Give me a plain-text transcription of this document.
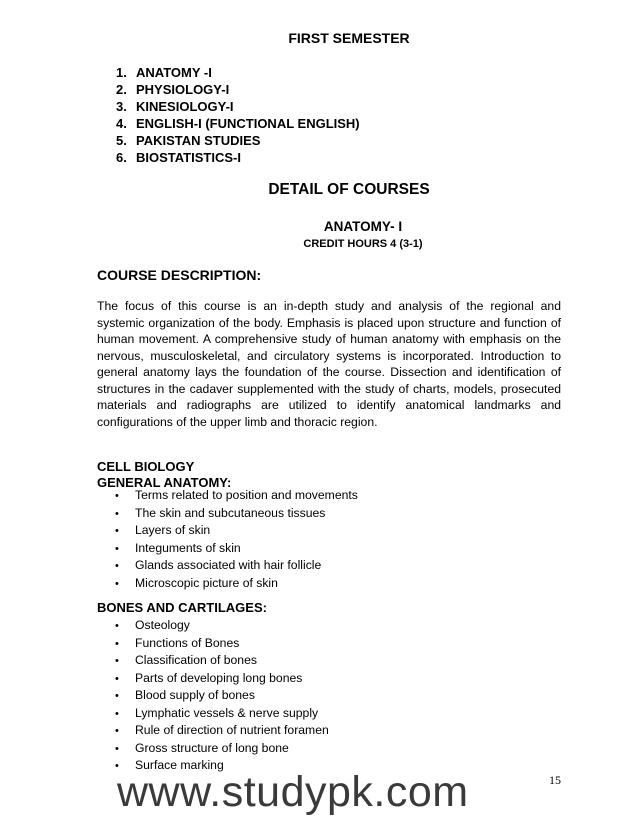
FIRST SEMESTER
1. ANATOMY -I
2. PHYSIOLOGY-I
3. KINESIOLOGY-I
4. ENGLISH-I (FUNCTIONAL ENGLISH)
5. PAKISTAN STUDIES
6. BIOSTATISTICS-I
DETAIL OF COURSES
ANATOMY- I
CREDIT HOURS 4 (3-1)
COURSE DESCRIPTION:

The focus of this course is an in-depth study and analysis of the regional and systemic organization of the body. Emphasis is placed upon structure and function of human movement. A comprehensive study of human anatomy with emphasis on the nervous, musculoskeletal, and circulatory systems is incorporated. Introduction to general anatomy lays the foundation of the course. Dissection and identification of structures in the cadaver supplemented with the study of charts, models, prosecuted materials and radiographs are utilized to identify anatomical landmarks and configurations of the upper limb and thoracic region.

CELL BIOLOGY
GENERAL ANATOMY:
•	Terms related to position and movements
•	The skin and subcutaneous tissues
•	Layers of skin
•	Integuments of skin
•	Glands associated with hair follicle
•	Microscopic picture of skin
BONES AND CARTILAGES:
•	Osteology
•	Functions of Bones
•	Classification of bones
•	Parts of developing long bones
•	Blood supply of bones
•	Lymphatic vessels & nerve supply
•	Rule of direction of nutrient foramen
•	Gross structure of long bone
•	Surface marking
www.studypk.com	15
